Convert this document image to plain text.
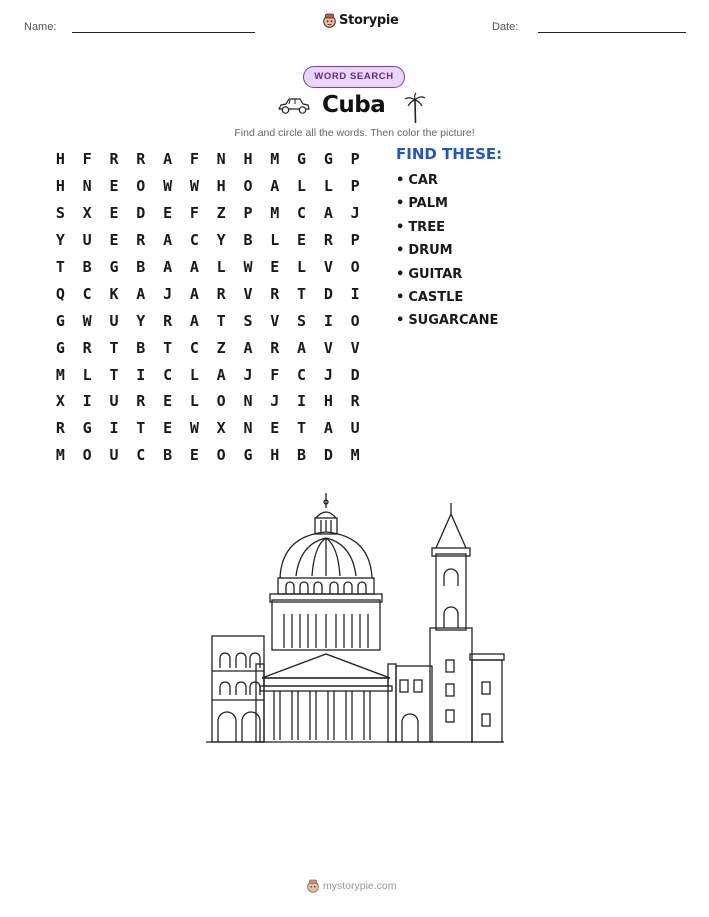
Name:	Storypie	Date:
WORD SEARCH
Cuba
Find and circle all the words. Then color the picture!
H	F	R	R	A	F	N	H	M	G	G	P
H	N	E	O	W	W	H	O	A	L	L	P
S	X	E	D	E	F	Z	P	M	C	A	J
Y	U	E	R	A	C	Y	B	L	E	R	P
T	B	G	B	A	A	L	W	E	L	V	O
Q	C	K	A	J	A	R	V	R	T	D	I
G	W	U	Y	R	A	T	S	V	S	I	O
G	R	T	B	T	C	Z	A	R	A	V	V
M	L	T	I	C	L	A	J	F	C	J	D
X	I	U	R	E	L	O	N	J	I	H	R
R	G	I	T	E	W	X	N	E	T	A	U
M	O	U	C	B	E	O	G	H	B	D	M
FIND THESE:
• CAR
• PALM
• TREE
• DRUM
• GUITAR
• CASTLE
• SUGARCANE
mystorypie.com
